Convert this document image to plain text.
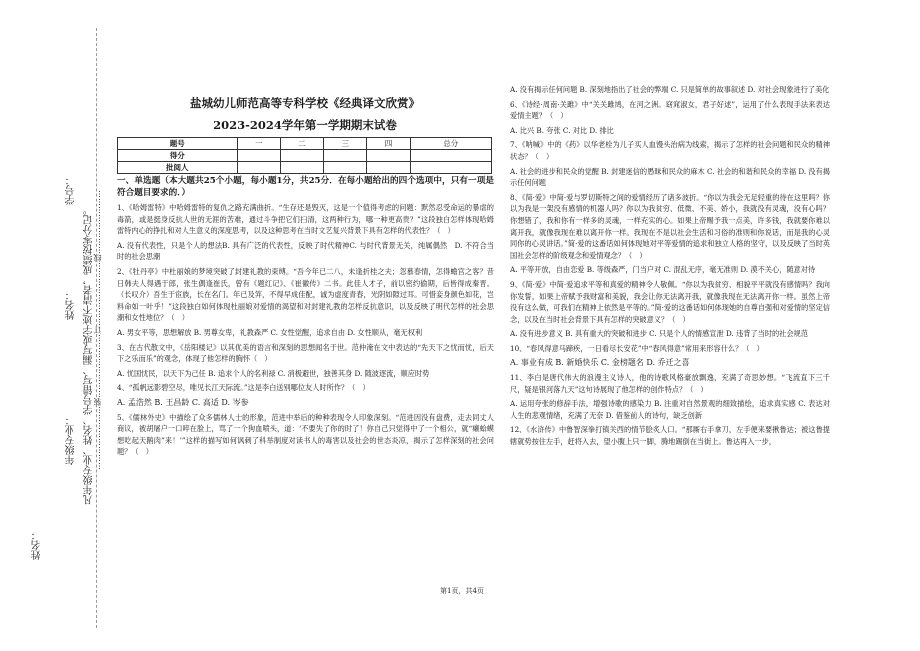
学号：
姓名：
年级专业： 凡年级专业、姓名、学号错写、漏写或字迹不清者，成绩按零分记。
……………………装……………………订……………………线……………………
姓名：
盐城幼儿师范高等专科学校《经典译文欣赏》
2023-2024学年第一学期期末试卷
题号	一	二	三	四	总分
得分					
批阅人					

一、单选题（本大题共25个小题，每小题1分，共25分．在每小题给出的四个选项中，只有一项是符合题目要求的．）

1、《哈姆雷特》中哈姆雷特的复仇之路充满曲折。“生存还是毁灭，这是一个值得考虑的问题：默然忍受命运的暴虐的毒箭，或是挺身反抗人世的无涯的苦难，通过斗争把它们扫清，这两种行为，哪一种更高贵？”这段独白怎样体现哈姆雷特内心的挣扎和对人生意义的深度思考，以及这种思考在当时文艺复兴背景下具有怎样的代表性？（　）

A. 没有代表性，只是个人的想法B. 具有广泛的代表性，反映了时代精神C. 与时代背景无关，纯属偶然　D. 不符合当时的社会思潮

2、《牡丹亭》中杜丽娘的梦境突破了封建礼教的束缚。“吾今年已二八，未逢折桂之夫；忽慕春情，怎得蟾宫之客？昔日韩夫人得遇于郎，张生偶逢崔氏，曾有《题红记》、《崔徽传》二书。此佳人才子，前以密约偷期，后皆得成秦晋。（长叹介）吾生于宦族，长在名门。年已及笄，不得早成佳配，诚为虚度青春，光阴如隙过耳。可惜妾身颜色如花，岂料命如一叶乎！”这段独白如何体现杜丽娘对爱情的渴望和对封建礼教的怎样反抗意识，以及反映了明代怎样的社会思潮和女性地位？（　）

A. 男女平等，思想解放 B. 男尊女卑，礼教森严 C. 女性觉醒，追求自由 D. 女性顺从，毫无权利

3、在古代散文中，《岳阳楼记》以其优美的语言和深刻的思想闻名于世。范仲淹在文中表达的“先天下之忧而忧，后天下之乐而乐”的观念，体现了他怎样的胸怀（　）

A. 忧国忧民，以天下为己任 B. 追求个人的名利禄 C. 消极避世，独善其身 D. 随波逐流，顺应时势

4、“孤帆远影碧空尽，唯见长江天际流。”这是李白送别哪位友人时所作？（　）

A. 孟浩然 B. 王昌龄 C. 高适 D. 岑参

5、《儒林外史》中描绘了众多儒林人士的形象，范进中举后的种种表现令人印象深刻。“范进因没有盘费，走去同丈人商议，被胡屠户一口啐在脸上，骂了一个狗血喷头，道：‘不要失了你的时了！你自己只觉得中了一个相公，就“癞蛤蟆想吃起天鹅肉”来！’”这样的描写如何讽刺了科举制度对读书人的毒害以及社会的世态炎凉，揭示了怎样深刻的社会问题？（　）

A. 没有揭示任何问题 B. 深刻地指出了社会的弊端 C. 只是简单的故事叙述 D. 对社会现象进行了美化

6、《诗经·周南·关雎》中“关关雎鸠，在河之洲。窈窕淑女，君子好逑”，运用了什么表现手法来表达爱情主题？（　）

A. 比兴 B. 夸张 C. 对比 D. 排比

7、《呐喊》中的《药》以华老栓为儿子买人血馒头治病为线索，揭示了怎样的社会问题和民众的精神状态？（　）

A. 社会的进步和民众的觉醒 B. 封建迷信的愚昧和民众的麻木 C. 社会的和谐和民众的幸福 D. 没有揭示任何问题

8、《简·爱》中简·爱与罗切斯特之间的爱情经历了诸多波折。“你以为我会无足轻重的待在这里吗？你以为我是一架没有感情的机器人吗？你以为我贫穷、低微、不美、娇小，我就没有灵魂，没有心吗？你想错了，我和你有一样多的灵魂，一样充实的心。如果上帝赐予我一点美，许多钱，我就要你难以离开我，就像我现在难以离开你一样。我现在不是以社会生活和习俗的准则和你说话，而是我的心灵同你的心灵讲话。”简·爱的这番话如何体现她对平等爱情的追求和独立人格的坚守，以及反映了当时英国社会怎样的阶级观念和爱情观念？（　）

A. 平等开放，自由恋爱 B. 等级森严，门当户对 C. 混乱无序，毫无准则 D. 漠不关心，随意对待

9、《简·爱》中简·爱追求平等和真爱的精神令人敬佩。“你以为我贫穷、相貌平平就没有感情吗？我向你发誓，如果上帝赋予我财富和美貌，我会让你无法离开我，就像我现在无法离开你一样。虽然上帝没有这么做，可我们在精神上依然是平等的。”简·爱的这番话如何体现她的自尊自强和对爱情的坚定信念，以及在当时社会背景下具有怎样的突破意义？（　）

A. 没有进步意义 B. 具有重大的突破和进步 C. 只是个人的情感宣泄 D. 违背了当时的社会规范

10、“春风得意马蹄疾，一日看尽长安花”中“春风得意”常用来形容什么？（　）

A. 事业有成 B. 新婚快乐 C. 金榜题名 D. 乔迁之喜

11、李白是唐代伟大的浪漫主义诗人，他的诗歌风格豪放飘逸，充满了奇思妙想。“飞流直下三千尺，疑是银河落九天”这句诗展现了他怎样的创作特点？（　）

A. 运用夸张的修辞手法，增强诗歌的感染力 B. 注重对自然景观的细致描绘，追求真实感 C. 表达对人生的悲观情绪，充满了无奈 D. 借鉴前人的诗句，缺乏创新

12、《水浒传》中鲁智深拳打镇关西的情节脍炙人口。“那厮右手拿刀，左手便来要揪鲁达；被这鲁提辖就势按住左手，赶将入去，望小腹上只一脚，腾地踢倒在当街上。鲁达再入一步，

第1页，共4页
